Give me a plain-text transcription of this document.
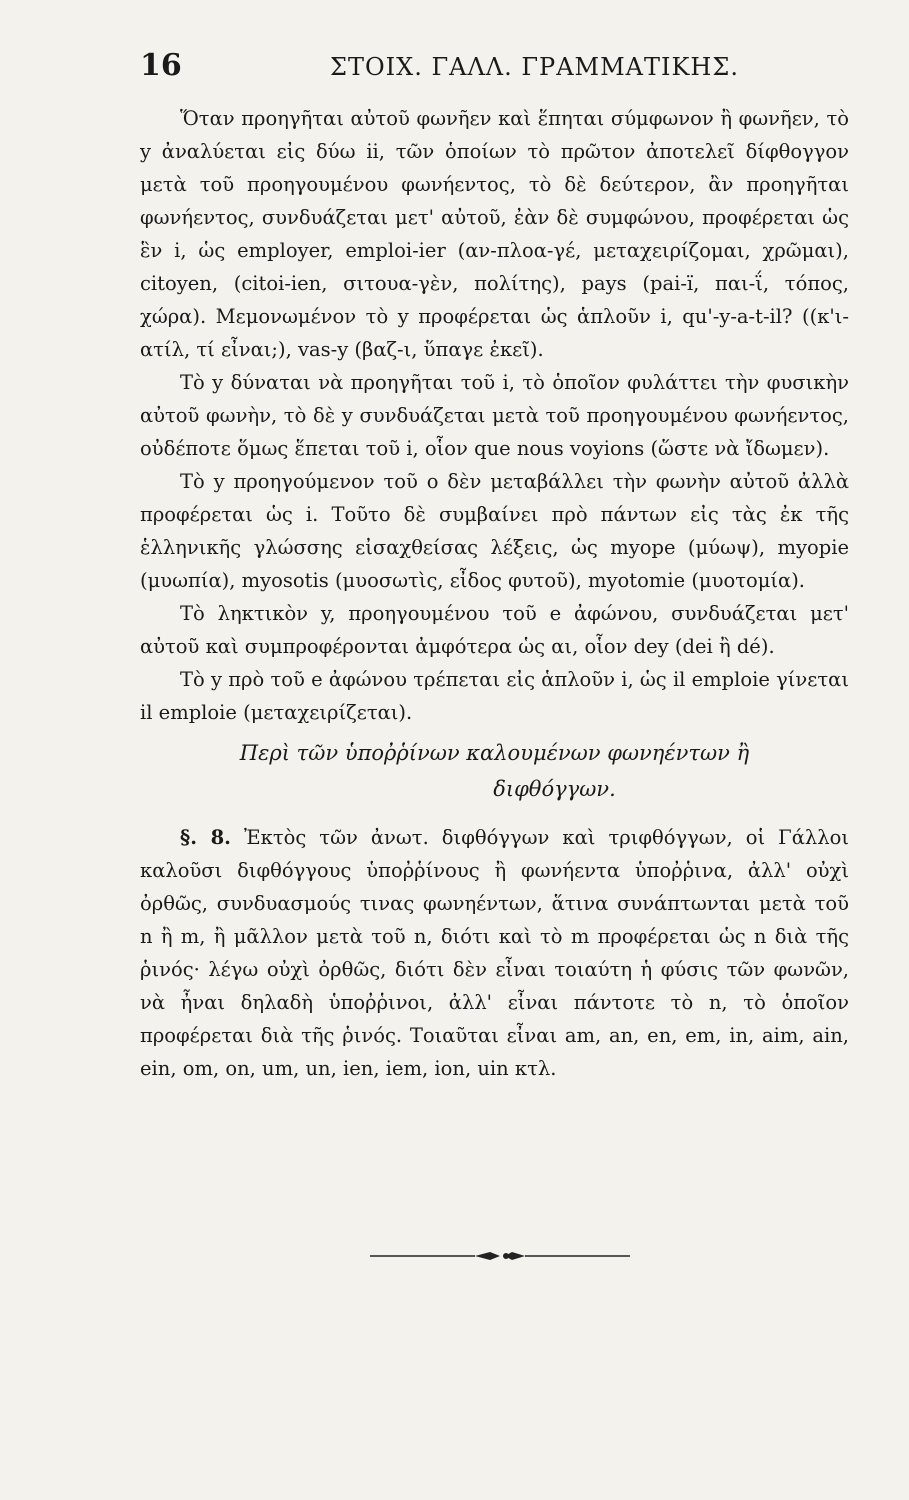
16	ΣΤΟΙΧ. ΓΑΛΛ. ΓΡΑΜΜΑΤΙΚΗΣ.

Ὅταν προηγῆται αὐτοῦ φωνῆεν καὶ ἕπηται σύμφωνον ἢ φωνῆεν, τὸ y ἀναλύεται εἰς δύω ii, τῶν ὁποίων τὸ πρῶτον ἀποτελεῖ δίφθογγον μετὰ τοῦ προηγουμένου φωνήεντος, τὸ δὲ δεύτερον, ἂν προηγῆται φωνήεντος, συνδυάζεται μετ' αὐτοῦ, ἐὰν δὲ συμφώνου, προφέρεται ὡς ἓν i, ὡς employer, emploi-ier (αν-πλοα-γέ, μεταχειρίζομαι, χρῶμαι), citoyen, (citoi-ien, σιτουα-γὲν, πολίτης), pays (pai-ï, παι-ΐ, τόπος, χώρα). Μεμονωμένον τὸ y προφέρεται ὡς ἁπλοῦν i, qu'-y-a-t-il? ((κ'ι-ατίλ, τί εἶναι;), vas-y (βαζ-ι, ὕπαγε ἐκεῖ).

Τὸ y δύναται νὰ προηγῆται τοῦ i, τὸ ὁποῖον φυλάττει τὴν φυσικὴν αὐτοῦ φωνὴν, τὸ δὲ y συνδυάζεται μετὰ τοῦ προηγουμένου φωνήεντος, οὐδέποτε ὅμως ἕπεται τοῦ i, οἷον que nous voyions (ὥστε νὰ ἴδωμεν).

Τὸ y προηγούμενον τοῦ o δὲν μεταβάλλει τὴν φωνὴν αὐτοῦ ἀλλὰ προφέρεται ὡς i. Τοῦτο δὲ συμβαίνει πρὸ πάντων εἰς τὰς ἐκ τῆς ἑλληνικῆς γλώσσης εἰσαχθείσας λέξεις, ὡς myope (μύωψ), myopie (μυωπία), myosotis (μυοσωτὶς, εἶδος φυτοῦ), myotomie (μυοτομία).

Τὸ ληκτικὸν y, προηγουμένου τοῦ e ἀφώνου, συνδυάζεται μετ' αὐτοῦ καὶ συμπροφέρονται ἀμφότερα ὡς αι, οἷον dey (dei ἢ dé).

Τὸ y πρὸ τοῦ e ἀφώνου τρέπεται εἰς ἁπλοῦν i, ὡς il emploie γίνεται il emploie (μεταχειρίζεται).

Περὶ τῶν ὑποῤῥίνων καλουμένων φωνηέντων ἢ
διφθόγγων.

§. 8. Ἐκτὸς τῶν ἀνωτ. διφθόγγων καὶ τριφθόγγων, οἱ Γάλλοι καλοῦσι διφθόγγους ὑποῤῥίνους ἢ φωνήεντα ὑποῤῥινα, ἀλλ' οὐχὶ ὀρθῶς, συνδυασμούς τινας φωνηέντων, ἅτινα συνάπτωνται μετὰ τοῦ n ἢ m, ἢ μᾶλλον μετὰ τοῦ n, διότι καὶ τὸ m προφέρεται ὡς n διὰ τῆς ῥινός· λέγω οὐχὶ ὀρθῶς, διότι δὲν εἶναι τοιαύτη ἡ φύσις τῶν φωνῶν, νὰ ἦναι δηλαδὴ ὑποῤῥινοι, ἀλλ' εἶναι πάντοτε τὸ n, τὸ ὁποῖον προφέρεται διὰ τῆς ῥινός. Τοιαῦται εἶναι am, an, en, em, in, aim, ain, ein, om, on, um, un, ien, iem, ion, uin κτλ.
